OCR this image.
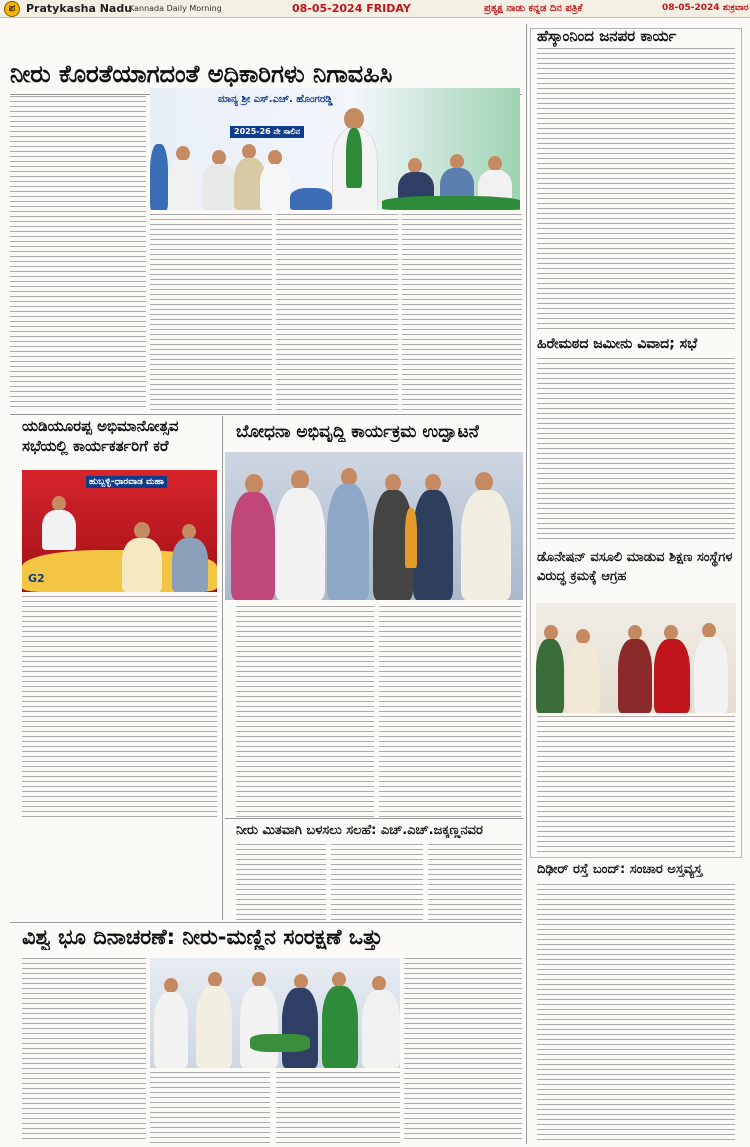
ಪ Pratykasha Nadu
Kannada Daily Morning	08-05-2024 FRIDAY	ಪ್ರತ್ಯಕ್ಷ ನಾಡು ಕನ್ನಡ ದಿನ ಪತ್ರಿಕೆ	08-05-2024 ಶುಕ್ರವಾರ
ನೀರು ಕೊರತೆಯಾಗದಂತೆ ಅಧಿಕಾರಿಗಳು ನಿಗಾವಹಿಸಿ
ಮಾನ್ಯ ಶ್ರೀ ಎಸ್.ಎಚ್. ಹೊಂಗರಡ್ಡಿ
2025-26 ನೇ ಸಾಲಿನ
ಹೆಸ್ಕಾಂನಿಂದ ಜನಪರ ಕಾರ್ಯ
ಹಿರೇಮಠದ ಜಮೀನು ವಿವಾದ; ಸಭೆ
ಡೊನೇಷನ್ ವಸೂಲಿ ಮಾಡುವ ಶಿಕ್ಷಣ ಸಂಸ್ಥೆಗಳ ವಿರುದ್ಧ ಕ್ರಮಕ್ಕೆ ಆಗ್ರಹ
ಯಡಿಯೂರಪ್ಪ ಅಭಿಮಾನೋತ್ಸವ ಸಭೆಯಲ್ಲಿ ಕಾರ್ಯಕರ್ತರಿಗೆ ಕರೆ
ಹುಬ್ಬಳ್ಳಿ-ಧಾರವಾಡ ಮಹಾ
G2
ಬೋಧನಾ ಅಭಿವೃದ್ಧಿ ಕಾರ್ಯಕ್ರಮ ಉದ್ಘಾಟನೆ
ನೀರು ಮಿತವಾಗಿ ಬಳಸಲು ಸಲಹೆ: ಎಚ್.ಎಚ್.ಜಕ್ಕಣ್ಣನವರ
ವಿಶ್ವ ಭೂ ದಿನಾಚರಣೆ: ನೀರು-ಮಣ್ಣಿನ ಸಂರಕ್ಷಣೆ ಒತ್ತು
ದಿಢೀರ್ ರಸ್ತೆ ಬಂದ್: ಸಂಚಾರ ಅಸ್ತವ್ಯಸ್ತ
